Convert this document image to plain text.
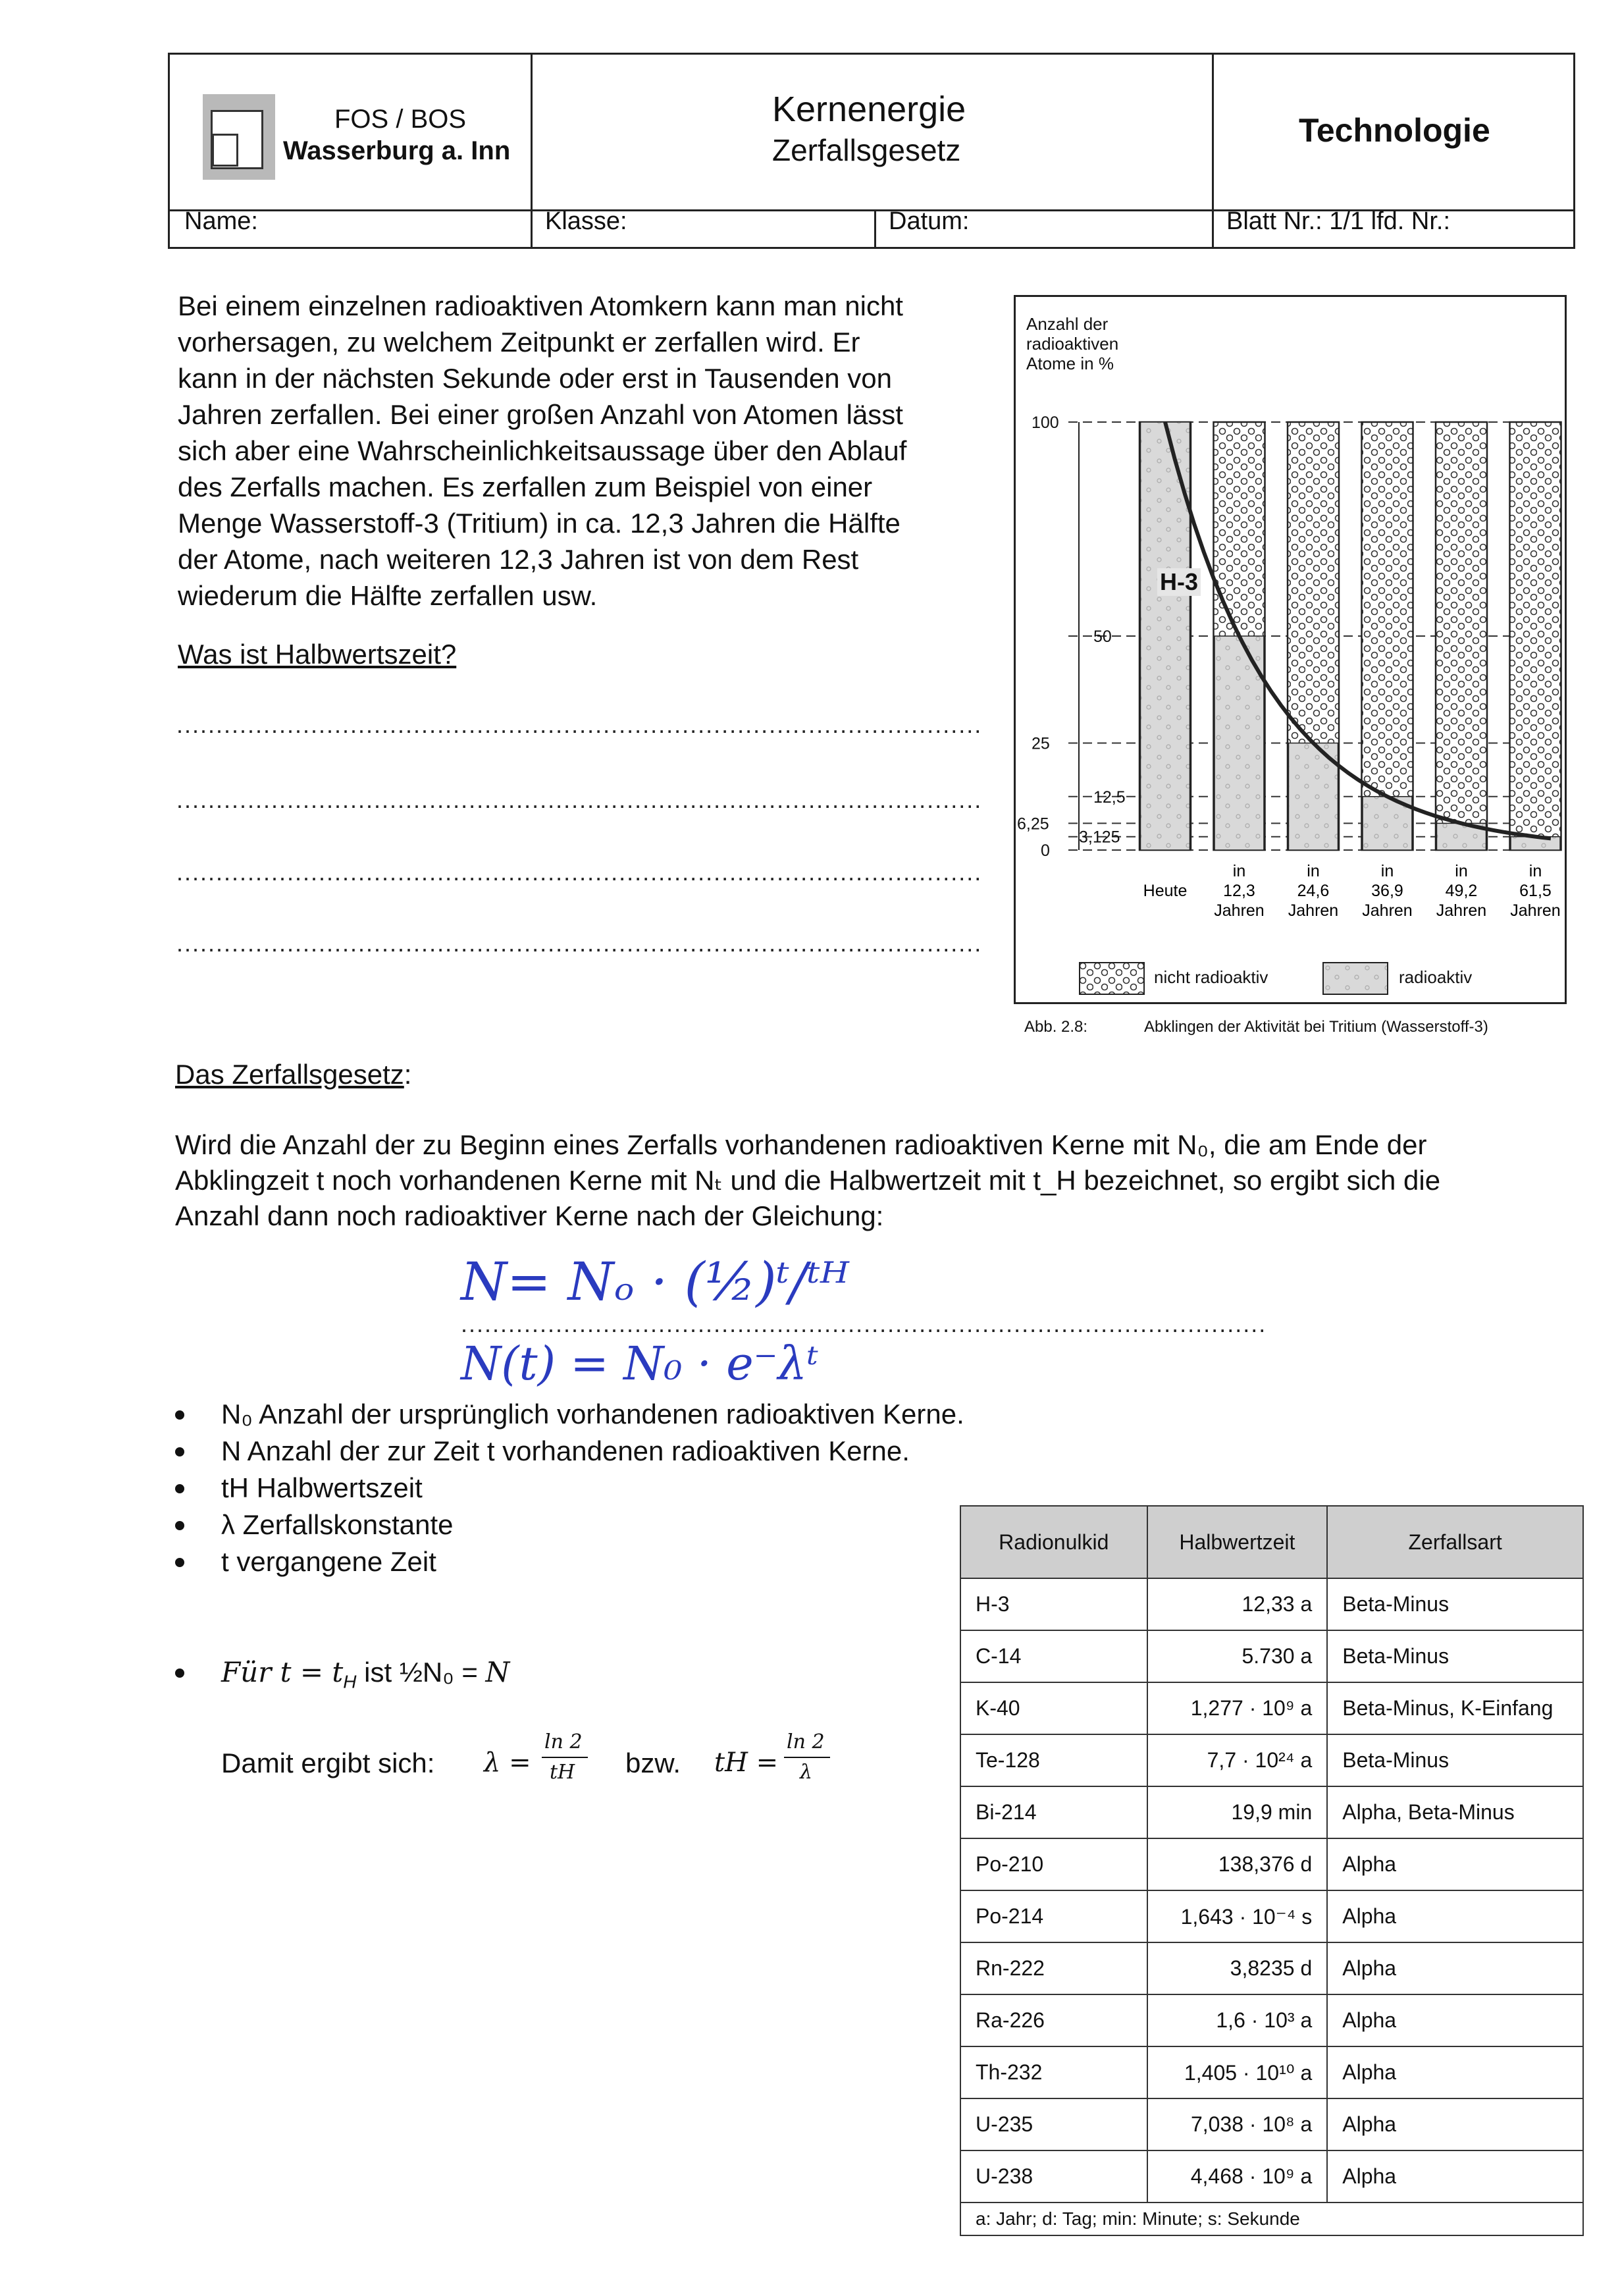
FOS / BOS
Wasserburg a. Inn
Kernenergie
Zerfallsgesetz
Technologie
Name:	Klasse:	Datum:	Blatt Nr.: 1/1 lfd. Nr.:
Bei einem einzelnen radioaktiven Atomkern kann man nicht
vorhersagen, zu welchem Zeitpunkt er zerfallen wird. Er
kann in der nächsten Sekunde oder erst in Tausenden von
Jahren zerfallen. Bei einer großen Anzahl von Atomen lässt
sich aber eine Wahrscheinlichkeitsaussage über den Ablauf
des Zerfalls machen. Es zerfallen zum Beispiel von einer
Menge Wasserstoff-3 (Tritium) in ca. 12,3 Jahren die Hälfte
der Atome, nach weiteren 12,3 Jahren ist von dem Rest
wiederum die Hälfte zerfallen usw.
Was ist Halbwertszeit?
......................................................................................................
......................................................................................................
......................................................................................................
......................................................................................................
100
50
25
12,5
6,25
3,125
0
Heute
in
12,3
Jahren
in
24,6
Jahren
in
36,9
Jahren
in
49,2
Jahren
in
61,5
Jahren
Anzahl der
radioaktiven
Atome in %
H-3
nicht radioaktiv	radioaktiv
Abb. 2.8:	Abklingen der Aktivität bei Tritium (Wasserstoff-3)
Das Zerfallsgesetz:
Wird die Anzahl der zu Beginn eines Zerfalls vorhandenen radioaktiven Kerne mit N₀, die am Ende der
Abklingzeit t noch vorhandenen Kerne mit Nₜ und die Halbwertzeit mit t_H bezeichnet, so ergibt sich die
Anzahl dann noch radioaktiver Kerne nach der Gleichung:
N= Nₒ · (½)ᵗ/ᵗᴴ
......................................................................................................
N(t) = N₀ · e⁻λᵗ
N₀ Anzahl der ursprünglich vorhandenen radioaktiven Kerne.
N Anzahl der zur Zeit t vorhandenen radioaktiven Kerne.
tH Halbwertszeit
λ Zerfallskonstante
t vergangene Zeit
Für $t = t_H$ ist ½N₀ = N
Damit ergibt sich: λ =
ln 2
tH bzw. tH =
ln 2
λ
Radionulkid	Halbwertzeit	Zerfallsart
H-3	12,33 a	Beta-Minus
C-14	5.730 a	Beta-Minus
K-40	1,277 · 10⁹ a	Beta-Minus, K-Einfang
Te-128	7,7 · 10²⁴ a	Beta-Minus
Bi-214	19,9 min	Alpha, Beta-Minus
Po-210	138,376 d	Alpha
Po-214	1,643 · 10⁻⁴ s	Alpha
Rn-222	3,8235 d	Alpha
Ra-226	1,6 · 10³ a	Alpha
Th-232	1,405 · 10¹⁰ a	Alpha
U-235	7,038 · 10⁸ a	Alpha
U-238	4,468 · 10⁹ a	Alpha
a: Jahr; d: Tag; min: Minute; s: Sekunde		
